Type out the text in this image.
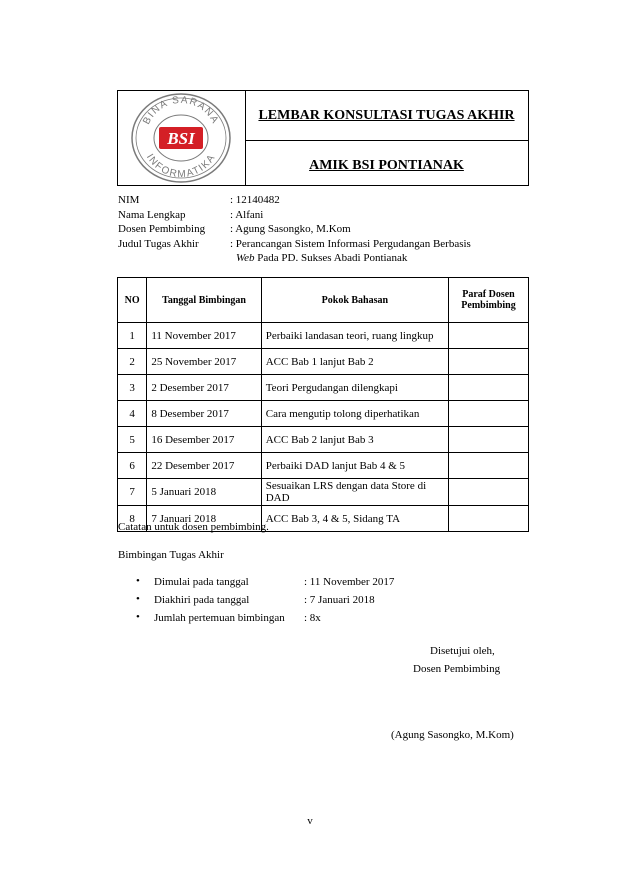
BINA SARANA
INFORMATIKA
BSI
LEMBAR KONSULTASI TUGAS AKHIR
AMIK BSI PONTIANAK
NIM	: 12140482
Nama Lengkap	: Alfani
Dosen Pembimbing : Agung Sasongko, M.Kom
Judul Tugas Akhir	: Perancangan Sistem Informasi Pergudangan Berbasis
Web Pada PD. Sukses Abadi Pontianak
NO	Tanggal Bimbingan	Pokok Bahasan	Paraf Dosen Pembimbing
1	11 November 2017	Perbaiki landasan teori, ruang lingkup	
2	25 November 2017	ACC Bab 1 lanjut Bab 2	
3	2 Desember 2017	Teori Pergudangan dilengkapi	
4	8 Desember 2017	Cara mengutip tolong diperhatikan	
5	16 Desember 2017	ACC Bab 2 lanjut Bab 3	
6	22 Desember 2017	Perbaiki DAD lanjut Bab 4 & 5	
7	5 Januari 2018	Sesuaikan LRS dengan data Store di DAD	
8	7 Januari 2018	ACC Bab 3, 4 & 5, Sidang TA	
Catatan untuk dosen pembimbing.
Bimbingan Tugas Akhir
• Dimulai pada tanggal	: 11 November 2017
• Diakhiri pada tanggal	: 7 Januari 2018
• Jumlah pertemuan bimbingan : 8x
Disetujui oleh,
Dosen Pembimbing
(Agung Sasongko, M.Kom)
v
